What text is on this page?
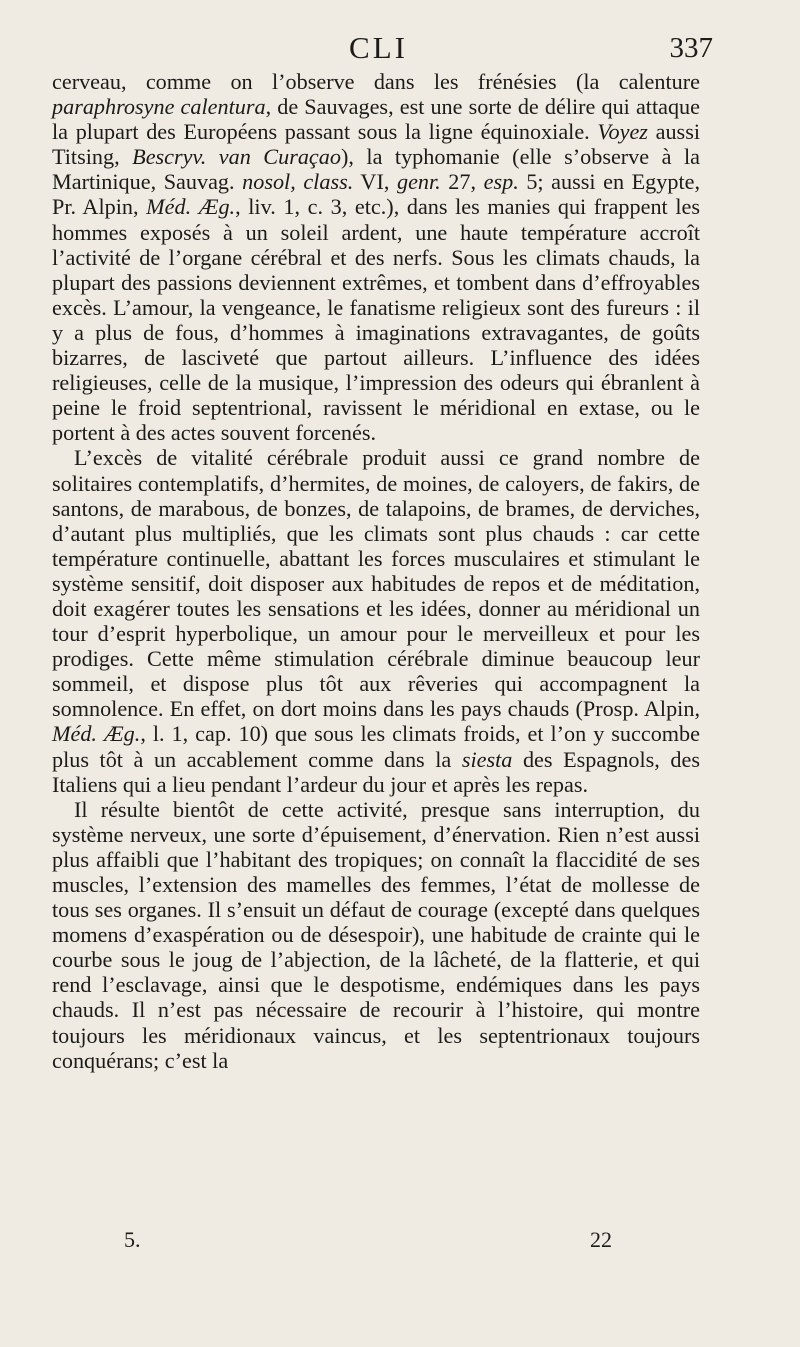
CLI	337

cerveau, comme on l’observe dans les frénésies (la calenture paraphrosyne calentura, de Sauvages, est une sorte de délire qui attaque la plupart des Européens passant sous la ligne équinoxiale. Voyez aussi Titsing, Bescryv. van Curaçao), la typhomanie (elle s’observe à la Martinique, Sauvag. nosol, class. VI, genr. 27, esp. 5; aussi en Egypte, Pr. Alpin, Méd. Æg., liv. 1, c. 3, etc.), dans les manies qui frappent les hommes exposés à un soleil ardent, une haute température accroît l’activité de l’organe cérébral et des nerfs. Sous les climats chauds, la plupart des passions deviennent extrêmes, et tombent dans d’effroyables excès. L’amour, la vengeance, le fanatisme religieux sont des fureurs : il y a plus de fous, d’hommes à imaginations extravagantes, de goûts bizarres, de lasciveté que partout ailleurs. L’influence des idées religieuses, celle de la musique, l’impression des odeurs qui ébranlent à peine le froid septentrional, ravissent le méridional en extase, ou le portent à des actes souvent forcenés.

L’excès de vitalité cérébrale produit aussi ce grand nombre de solitaires contemplatifs, d’hermites, de moines, de caloyers, de fakirs, de santons, de marabous, de bonzes, de talapoins, de brames, de derviches, d’autant plus multipliés, que les climats sont plus chauds : car cette température continuelle, abattant les forces musculaires et stimulant le système sensitif, doit disposer aux habitudes de repos et de méditation, doit exagérer toutes les sensations et les idées, donner au méridional un tour d’esprit hyperbolique, un amour pour le merveilleux et pour les prodiges. Cette même stimulation cérébrale diminue beaucoup leur sommeil, et dispose plus tôt aux rêveries qui accompagnent la somnolence. En effet, on dort moins dans les pays chauds (Prosp. Alpin, Méd. Æg., l. 1, cap. 10) que sous les climats froids, et l’on y succombe plus tôt à un accablement comme dans la siesta des Espagnols, des Italiens qui a lieu pendant l’ardeur du jour et après les repas.

Il résulte bientôt de cette activité, presque sans interruption, du système nerveux, une sorte d’épuisement, d’énervation. Rien n’est aussi plus affaibli que l’habitant des tropiques; on connaît la flaccidité de ses muscles, l’extension des mamelles des femmes, l’état de mollesse de tous ses organes. Il s’ensuit un défaut de courage (excepté dans quelques momens d’exaspération ou de désespoir), une habitude de crainte qui le courbe sous le joug de l’abjection, de la lâcheté, de la flatterie, et qui rend l’esclavage, ainsi que le despotisme, endémiques dans les pays chauds. Il n’est pas nécessaire de recourir à l’histoire, qui montre toujours les méridionaux vaincus, et les septentrionaux toujours conquérans; c’est la

5.	22
